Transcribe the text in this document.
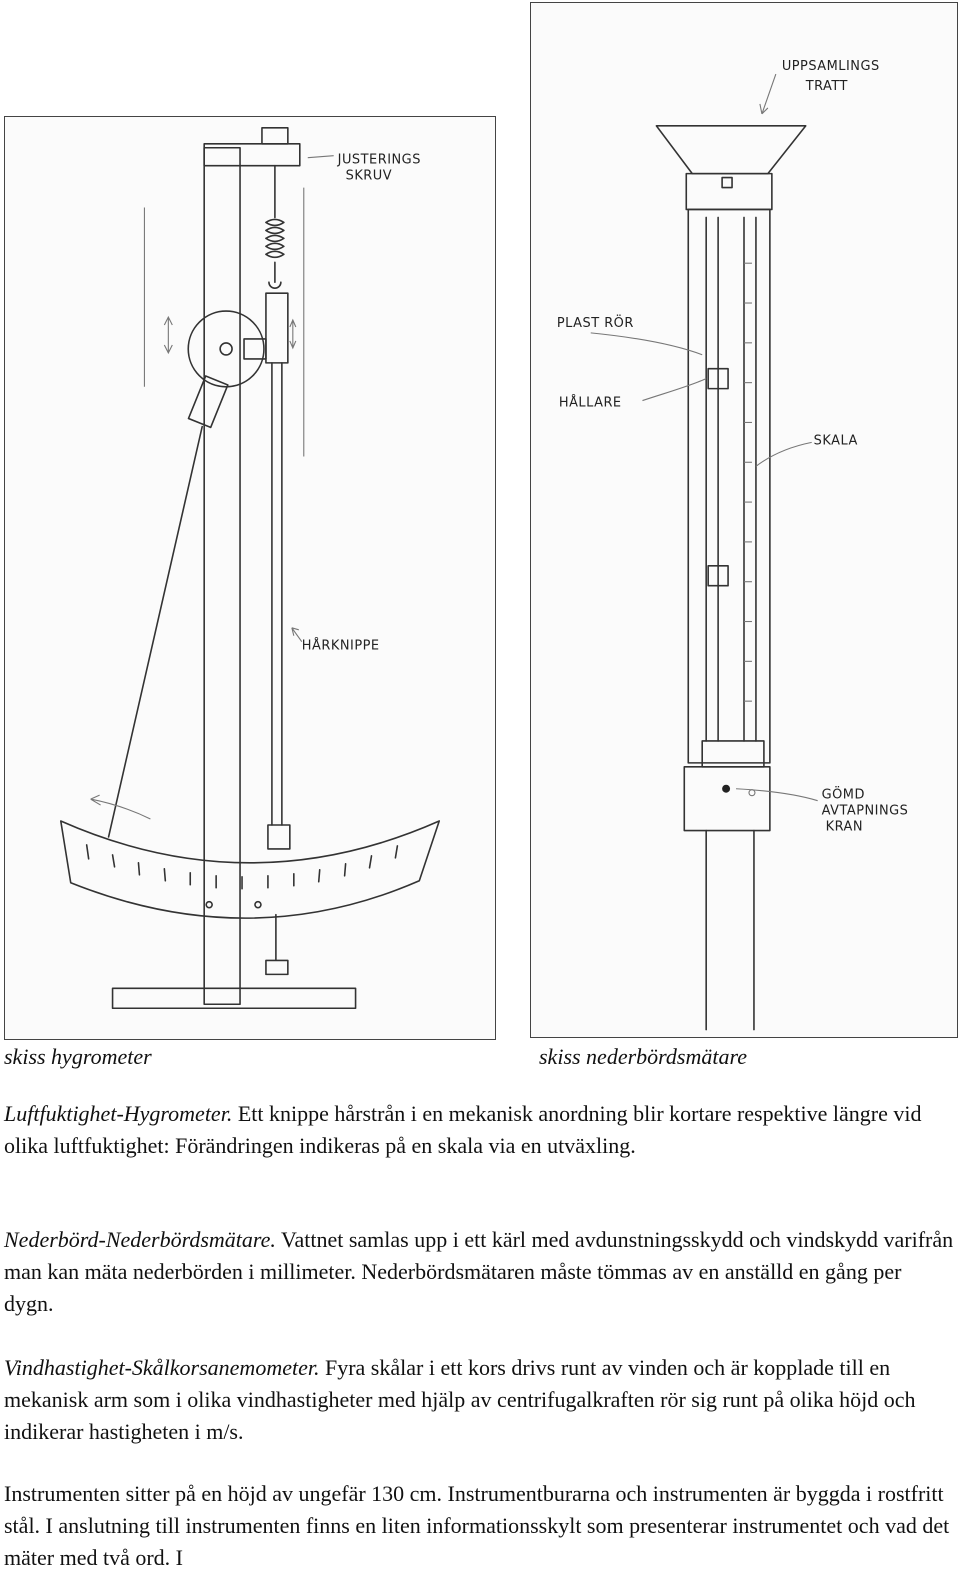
JUSTERINGS
SKRUV
HÅRKNIPPE
UPPSAMLINGS
TRATT
PLAST RÖR
HÅLLARE
SKALA
GÖMD
AVTAPNINGS
KRAN
skiss hygrometer	skiss nederbördsmätare

Luftfuktighet-Hygrometer. Ett knippe hårstrån i en mekanisk anordning blir kortare respektive längre vid olika luftfuktighet: Förändringen indikeras på en skala via en utväxling.

Nederbörd-Nederbördsmätare. Vattnet samlas upp i ett kärl med avdunstningsskydd och vindskydd varifrån man kan mäta nederbörden i millimeter. Nederbördsmätaren måste tömmas av en anställd en gång per dygn.

Vindhastighet-Skålkorsanemometer. Fyra skålar i ett kors drivs runt av vinden och är kopplade till en mekanisk arm som i olika vindhastigheter med hjälp av centrifugalkraften rör sig runt på olika höjd och indikerar hastigheten i m/s.

Instrumenten sitter på en höjd av ungefär 130 cm. Instrumentburarna och instrumenten är byggda i rostfritt stål. I anslutning till instrumenten finns en liten informationsskylt som presenterar instrumentet och vad det mäter med två ord. I
